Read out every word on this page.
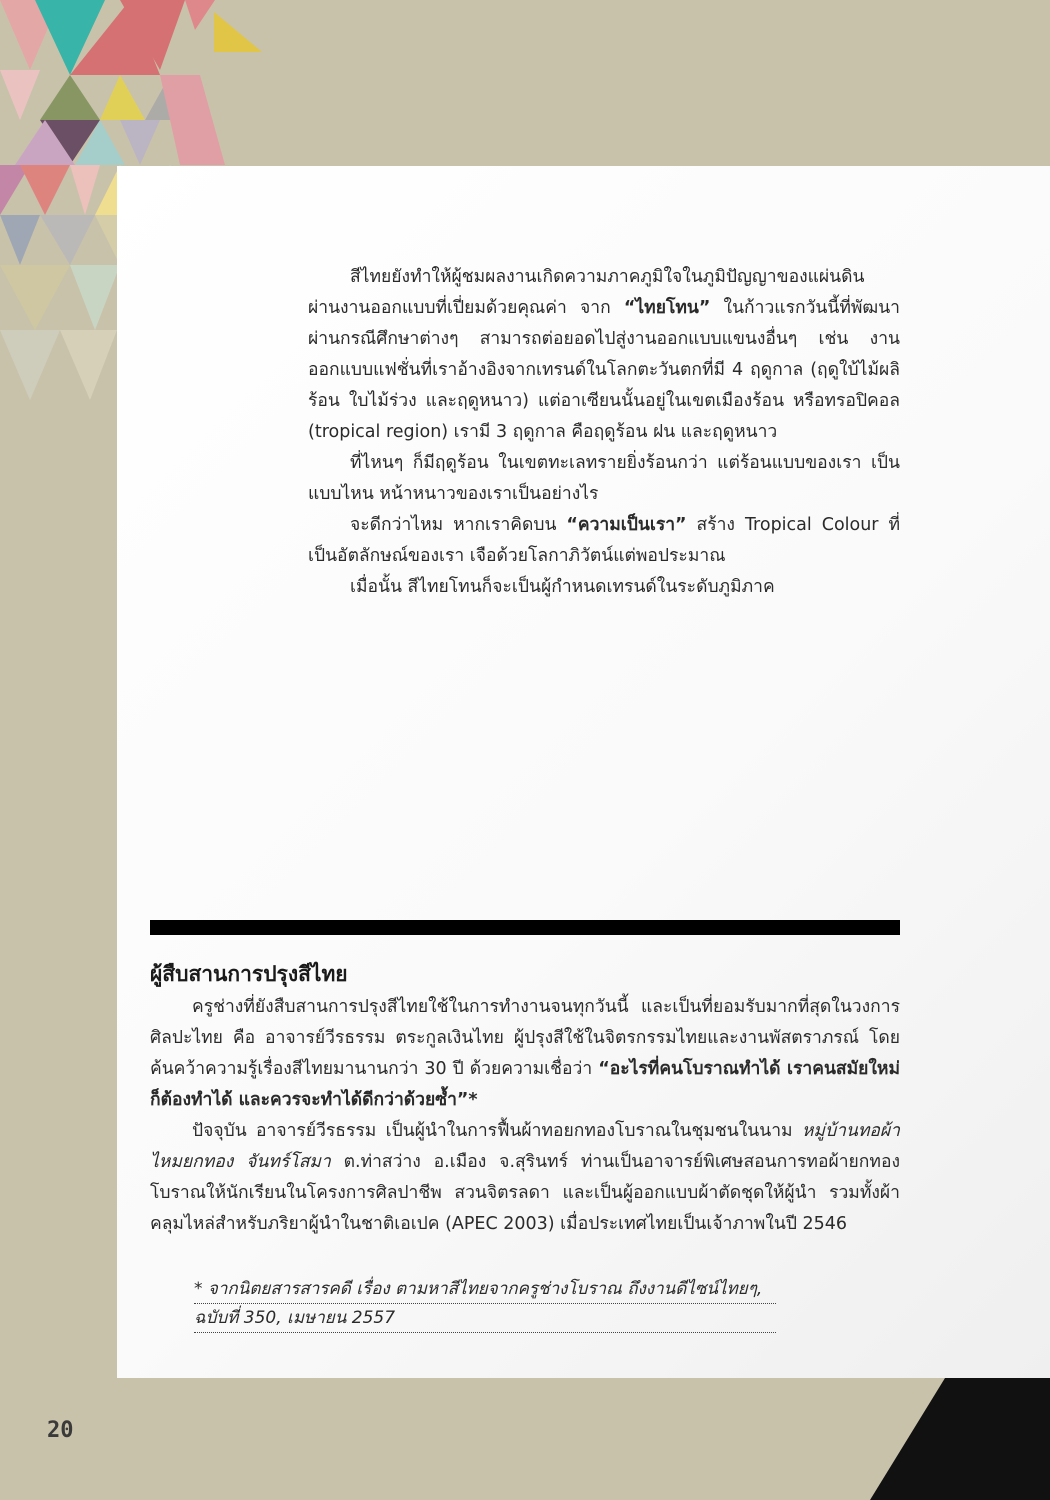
สีไทยยังทำให้ผู้ชมผลงานเกิดความภาคภูมิใจในภูมิปัญญาของแผ่นดิน ผ่านงานออกแบบที่เปี่ยมด้วยคุณค่า จาก “ไทยโทน” ในก้าวแรกวันนี้ที่พัฒนาผ่านกรณีศึกษาต่างๆ สามารถต่อยอดไปสู่งานออกแบบแขนงอื่นๆ เช่น งานออกแบบแฟชั่นที่เราอ้างอิงจากเทรนด์ในโลกตะวันตกที่มี 4 ฤดูกาล (ฤดูใบ้ไม้ผลิ ร้อน ใบไม้ร่วง และฤดูหนาว) แต่อาเซียนนั้นอยู่ในเขตเมืองร้อน หรือทรอปิคอล (tropical region) เรามี 3 ฤดูกาล คือฤดูร้อน ฝน และฤดูหนาว

ที่ไหนๆ ก็มีฤดูร้อน ในเขตทะเลทรายยิ่งร้อนกว่า แต่ร้อนแบบของเรา เป็นแบบไหน หน้าหนาวของเราเป็นอย่างไร

จะดีกว่าไหม หากเราคิดบน “ความเป็นเรา” สร้าง Tropical Colour ที่เป็นอัตลักษณ์ของเรา เจือด้วยโลกาภิวัตน์แต่พอประมาณ

เมื่อนั้น สีไทยโทนก็จะเป็นผู้กำหนดเทรนด์ในระดับภูมิภาค

ผู้สืบสานการปรุงสีไทย

ครูช่างที่ยังสืบสานการปรุงสีไทยใช้ในการทำงานจนทุกวันนี้ และเป็นที่ยอมรับมากที่สุดในวงการศิลปะไทย คือ อาจารย์วีรธรรม ตระกูลเงินไทย ผู้ปรุงสีใช้ในจิตรกรรมไทยและงานพัสตราภรณ์ โดยค้นคว้าความรู้เรื่องสีไทยมานานกว่า 30 ปี ด้วยความเชื่อว่า “อะไรที่คนโบราณทำได้ เราคนสมัยใหม่ก็ต้องทำได้ และควรจะทำได้ดีกว่าด้วยซ้ำ”*

ปัจจุบัน อาจารย์วีรธรรม เป็นผู้นำในการฟื้นผ้าทอยกทองโบราณในชุมชนในนาม หมู่บ้านทอผ้าไหมยกทอง จันทร์โสมา ต.ท่าสว่าง อ.เมือง จ.สุรินทร์ ท่านเป็นอาจารย์พิเศษสอนการทอผ้ายกทองโบราณให้นักเรียนในโครงการศิลปาชีพ สวนจิตรลดา และเป็นผู้ออกแบบผ้าตัดชุดให้ผู้นำ รวมทั้งผ้าคลุมไหล่สำหรับภริยาผู้นำในชาติเอเปค (APEC 2003) เมื่อประเทศไทยเป็นเจ้าภาพในปี 2546

* จากนิตยสารสารคดี เรื่อง ตามหาสีไทยจากครูช่างโบราณ ถึงงานดีไซน์ไทยๆ,
ฉบับที่ 350, เมษายน 2557
20
